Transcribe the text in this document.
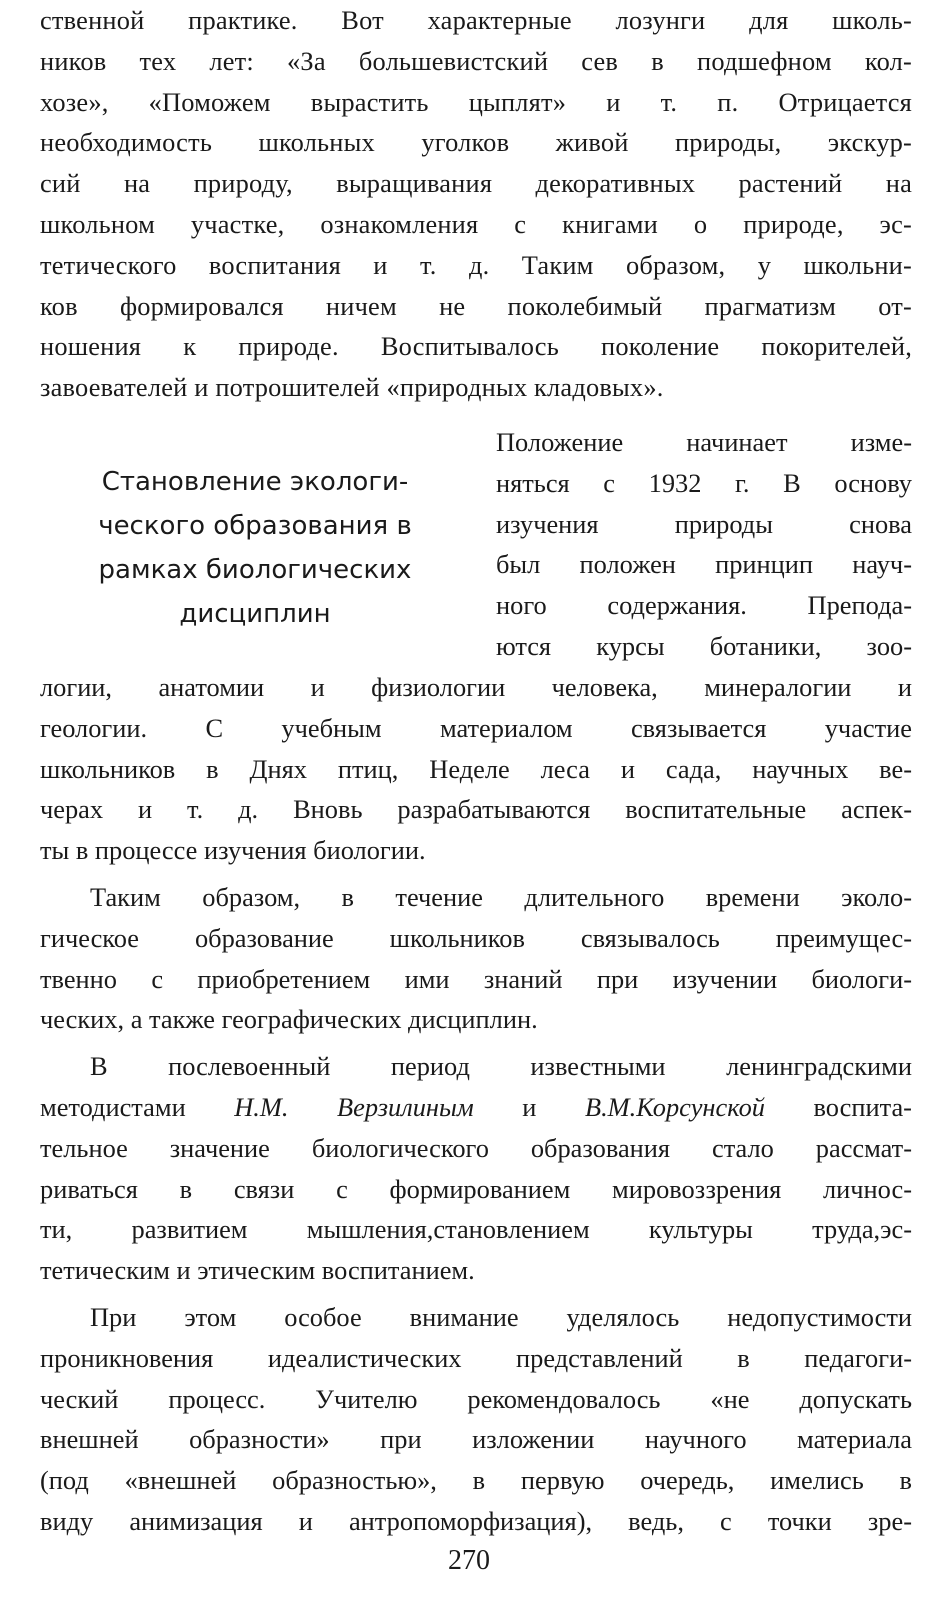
ственной практике. Вот характерные лозунги для школь-
ников тех лет: «За большевистский сев в подшефном кол-
хозе», «Поможем вырастить цыплят» и т. п. Отрицается
необходимость школьных уголков живой природы, экскур-
сий на природу, выращивания декоративных растений на
школьном участке, ознакомления с книгами о природе, эс-
тетического воспитания и т. д. Таким образом, у школьни-
ков формировался ничем не поколебимый прагматизм от-
ношения к природе. Воспитывалось поколение покорителей,
завоевателей и потрошителей «природных кладовых».
Становление экологи-
ческого образования в
рамках биологических
дисциплин
Положение начинает изме-
няться с 1932 г. В основу
изучения природы снова
был положен принцип науч-
ного содержания. Препода-
ются курсы ботаники, зоо-
логии, анатомии и физиологии человека, минералогии и
геологии. С учебным материалом связывается участие
школьников в Днях птиц, Неделе леса и сада, научных ве-
черах и т. д. Вновь разрабатываются воспитательные аспек-
ты в процессе изучения биологии.
Таким образом, в течение длительного времени эколо-
гическое образование школьников связывалось преимущес-
твенно с приобретением ими знаний при изучении биологи-
ческих, а также географических дисциплин.
В послевоенный период известными ленинградскими
методистами Н.М. Верзилиным и В.М.Корсунской воспита-
тельное значение биологического образования стало рассмат-
риваться в связи с формированием мировоззрения личнос-
ти, развитием мышления,становлением культуры труда,эс-
тетическим и этическим воспитанием.
При этом особое внимание уделялось недопустимости
проникновения идеалистических представлений в педагоги-
ческий процесс. Учителю рекомендовалось «не допускать
внешней образности» при изложении научного материала
(под «внешней образностью», в первую очередь, имелись в
виду анимизация и антропоморфизация), ведь, с точки зре-
270
